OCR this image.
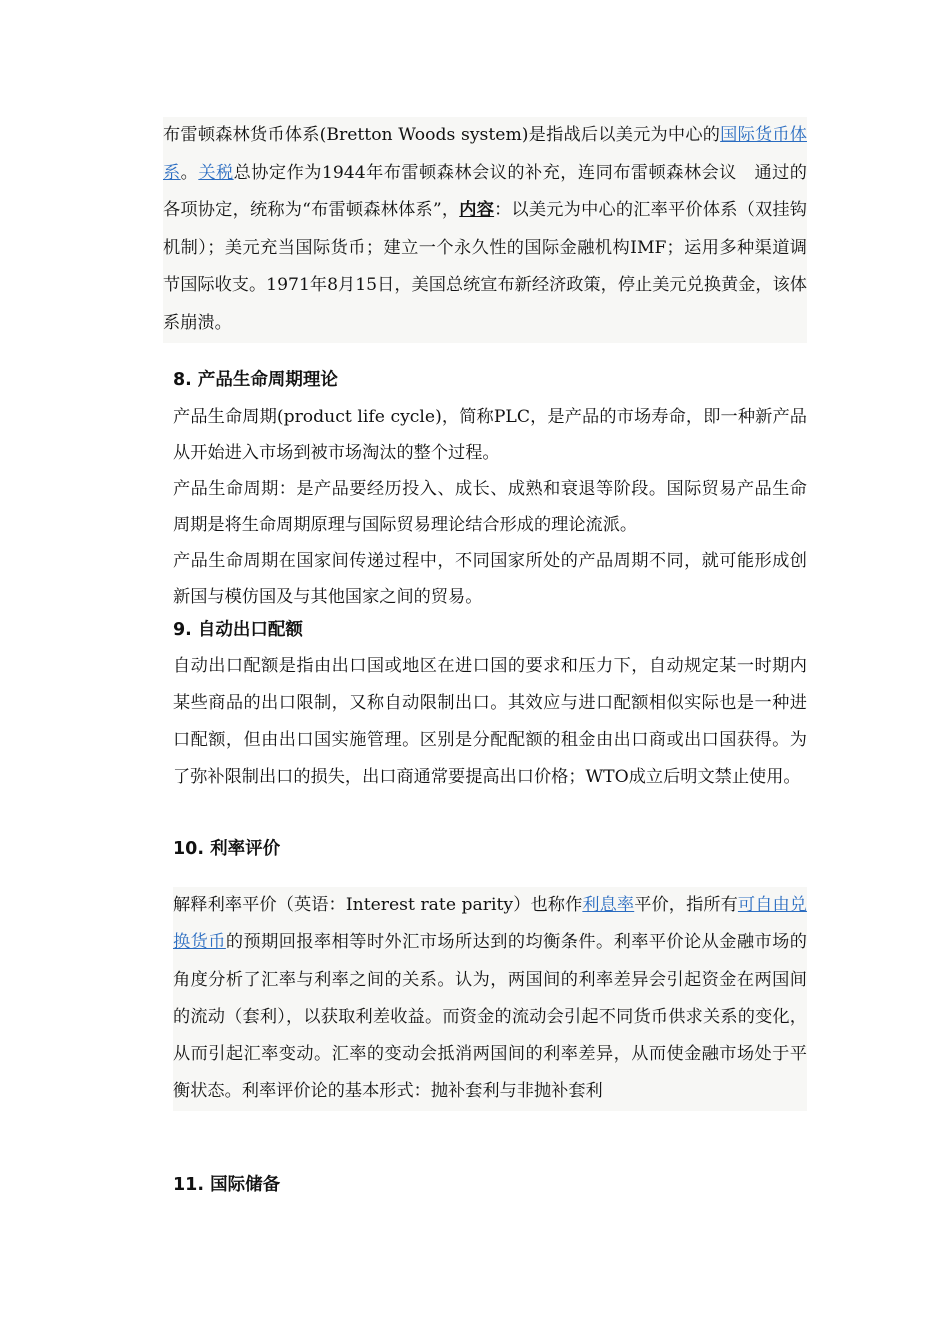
布雷顿森林货币体系(Bretton Woods system)是指战后以美元为中心的国际货币体系。关税总协定作为1944年布雷顿森林会议的补充，连同布雷顿森林会议　通过的各项协定，统称为“布雷顿森林体系”，内容：以美元为中心的汇率平价体系（双挂钩机制）；美元充当国际货币；建立一个永久性的国际金融机构IMF；运用多种渠道调节国际收支。1971年8月15日，美国总统宣布新经济政策，停止美元兑换黄金，该体系崩溃。
8. 产品生命周期理论

产品生命周期(product life cycle)，简称PLC，是产品的市场寿命，即一种新产品从开始进入市场到被市场淘汰的整个过程。

产品生命周期：是产品要经历投入、成长、成熟和衰退等阶段。国际贸易产品生命周期是将生命周期原理与国际贸易理论结合形成的理论流派。

产品生命周期在国家间传递过程中，不同国家所处的产品周期不同，就可能形成创新国与模仿国及与其他国家之间的贸易。

9. 自动出口配额

自动出口配额是指由出口国或地区在进口国的要求和压力下，自动规定某一时期内某些商品的出口限制，又称自动限制出口。其效应与进口配额相似实际也是一种进口配额，但由出口国实施管理。区别是分配配额的租金由出口商或出口国获得。为了弥补限制出口的损失，出口商通常要提高出口价格；WTO成立后明文禁止使用。

10. 利率评价
解释利率平价（英语：Interest rate parity）也称作利息率平价，指所有可自由兑换货币的预期回报率相等时外汇市场所达到的均衡条件。利率平价论从金融市场的角度分析了汇率与利率之间的关系。认为，两国间的利率差异会引起资金在两国间的流动（套利），以获取利差收益。而资金的流动会引起不同货币供求关系的变化，从而引起汇率变动。汇率的变动会抵消两国间的利率差异，从而使金融市场处于平衡状态。利率评价论的基本形式：抛补套利与非抛补套利
11. 国际储备
